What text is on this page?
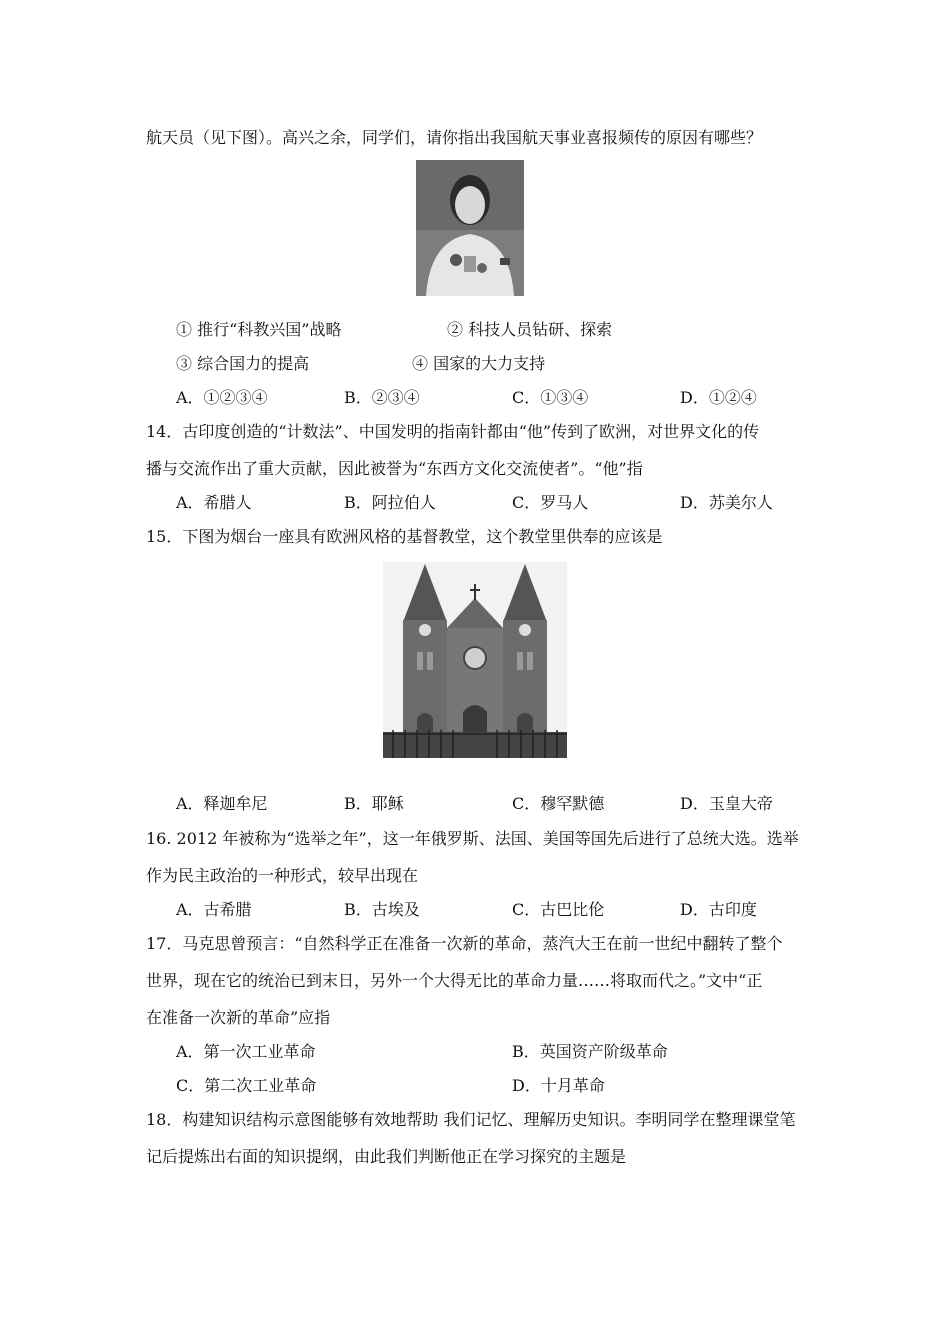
航天员（见下图）。高兴之余，同学们，请你指出我国航天事业喜报频传的原因有哪些？
① 推行“科教兴国”战略	② 科技人员钻研、探索
③ 综合国力的提高	④ 国家的大力支持
A．①②③④	B．②③④	C．①③④	D．①②④
14．古印度创造的“计数法”、中国发明的指南针都由“他”传到了欧洲，对世界文化的传
播与交流作出了重大贡献，因此被誉为“东西方文化交流使者”。“他”指
A．希腊人	B．阿拉伯人	C．罗马人	D．苏美尔人
15．下图为烟台一座具有欧洲风格的基督教堂，这个教堂里供奉的应该是
A．释迦牟尼	B．耶稣	C．穆罕默德	D．玉皇大帝
16. 2012 年被称为“选举之年”，这一年俄罗斯、法国、美国等国先后进行了总统大选。选举
作为民主政治的一种形式，较早出现在
A．古希腊	B．古埃及	C．古巴比伦	D．古印度
17．马克思曾预言：“自然科学正在准备一次新的革命，蒸汽大王在前一世纪中翻转了整个
世界，现在它的统治已到末日，另外一个大得无比的革命力量……将取而代之。”文中“正
在准备一次新的革命”应指
A．第一次工业革命	B．英国资产阶级革命
C．第二次工业革命	D．十月革命
18．构建知识结构示意图能够有效地帮助 我们记忆、理解历史知识。李明同学在整理课堂笔
记后提炼出右面的知识提纲，由此我们判断他正在学习探究的主题是
